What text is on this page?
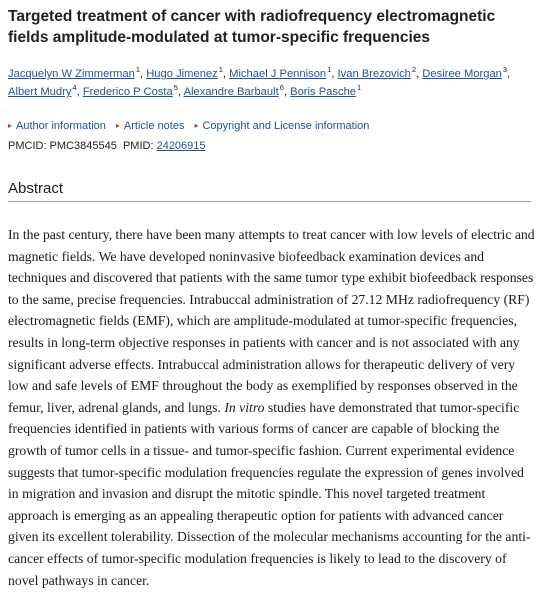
Targeted treatment of cancer with radiofrequency electromagnetic fields amplitude-modulated at tumor-specific frequencies
Jacquelyn W Zimmerman$^1$, Hugo Jimenez$^1$, Michael J Pennison$^1$, Ivan Brezovich$^2$, Desiree Morgan$^3$, Albert Mudry$^4$, Frederico P Costa$^5$, Alexandre Barbault$^6$, Boris Pasche$^1$
▸ Author information ▸ Article notes ▸ Copyright and License information
PMCID: PMC3845545 PMID: 24206915
Abstract

In the past century, there have been many attempts to treat cancer with low levels of electric and magnetic fields. We have developed noninvasive biofeedback examination devices and techniques and discovered that patients with the same tumor type exhibit biofeedback responses to the same, precise frequencies. Intrabuccal administration of 27.12 MHz radiofrequency (RF) electromagnetic fields (EMF), which are amplitude-modulated at tumor-specific frequencies, results in long-term objective responses in patients with cancer and is not associated with any significant adverse effects. Intrabuccal administration allows for therapeutic delivery of very low and safe levels of EMF throughout the body as exemplified by responses observed in the femur, liver, adrenal glands, and lungs. In vitro studies have demonstrated that tumor-specific frequencies identified in patients with various forms of cancer are capable of blocking the growth of tumor cells in a tissue- and tumor-specific fashion. Current experimental evidence suggests that tumor-specific modulation frequencies regulate the expression of genes involved in migration and invasion and disrupt the mitotic spindle. This novel targeted treatment approach is emerging as an appealing therapeutic option for patients with advanced cancer given its excellent tolerability. Dissection of the molecular mechanisms accounting for the anti-cancer effects of tumor-specific modulation frequencies is likely to lead to the discovery of novel pathways in cancer.
